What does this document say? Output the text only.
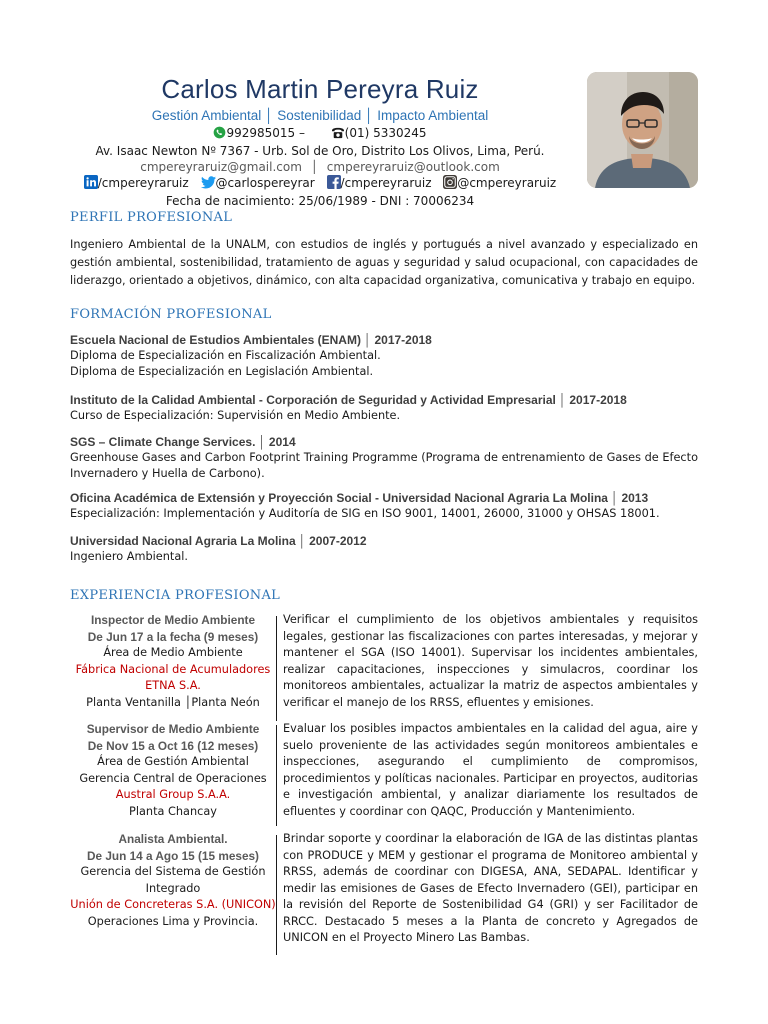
Carlos Martin Pereyra Ruiz
Gestión Ambiental │ Sostenibilidad │ Impacto Ambiental
992985015 –	(01) 5330245
Av. Isaac Newton Nº 7367 - Urb. Sol de Oro, Distrito Los Olivos, Lima, Perú.
cmpereyraruiz@gmail.com │ cmpereyraruiz@outlook.com
/cmpereyraruiz @carlospereyrar /cmpereyraruiz @cmpereyraruiz
Fecha de nacimiento: 25/06/1989 - DNI : 70006234
PERFIL PROFESIONAL
Ingeniero Ambiental de la UNALM, con estudios de inglés y portugués a nivel avanzado y especializado en gestión ambiental, sostenibilidad, tratamiento de aguas y seguridad y salud ocupacional, con capacidades de liderazgo, orientado a objetivos, dinámico, con alta capacidad organizativa, comunicativa y trabajo en equipo.
FORMACIÓN PROFESIONAL
Escuela Nacional de Estudios Ambientales (ENAM) │ 2017-2018
Diploma de Especialización en Fiscalización Ambiental.
Diploma de Especialización en Legislación Ambiental.
Instituto de la Calidad Ambiental - Corporación de Seguridad y Actividad Empresarial │ 2017-2018
Curso de Especialización: Supervisión en Medio Ambiente.
SGS – Climate Change Services. │ 2014
Greenhouse Gases and Carbon Footprint Training Programme (Programa de entrenamiento de Gases de Efecto Invernadero y Huella de Carbono).
Oficina Académica de Extensión y Proyección Social - Universidad Nacional Agraria La Molina │ 2013
Especialización: Implementación y Auditoría de SIG en ISO 9001, 14001, 26000, 31000 y OHSAS 18001.
Universidad Nacional Agraria La Molina │ 2007-2012
Ingeniero Ambiental.
EXPERIENCIA PROFESIONAL
Inspector de Medio Ambiente
De Jun 17 a la fecha (9 meses)
Área de Medio Ambiente
Fábrica Nacional de Acumuladores ETNA S.A.
Planta Ventanilla │Planta Neón
Verificar el cumplimiento de los objetivos ambientales y requisitos legales, gestionar las fiscalizaciones con partes interesadas, y mejorar y mantener el SGA (ISO 14001). Supervisar los incidentes ambientales, realizar capacitaciones, inspecciones y simulacros, coordinar los monitoreos ambientales, actualizar la matriz de aspectos ambientales y verificar el manejo de los RRSS, efluentes y emisiones.
Supervisor de Medio Ambiente
De Nov 15 a Oct 16 (12 meses)
Área de Gestión Ambiental
Gerencia Central de Operaciones
Austral Group S.A.A.
Planta Chancay
Evaluar los posibles impactos ambientales en la calidad del agua, aire y suelo proveniente de las actividades según monitoreos ambientales e inspecciones, asegurando el cumplimiento de compromisos, procedimientos y políticas nacionales. Participar en proyectos, auditorias e investigación ambiental, y analizar diariamente los resultados de efluentes y coordinar con QAQC, Producción y Mantenimiento.
Analista Ambiental.
De Jun 14 a Ago 15 (15 meses)
Gerencia del Sistema de Gestión Integrado
Unión de Concreteras S.A. (UNICON)
Operaciones Lima y Provincia.
Brindar soporte y coordinar la elaboración de IGA de las distintas plantas con PRODUCE y MEM y gestionar el programa de Monitoreo ambiental y RRSS, además de coordinar con DIGESA, ANA, SEDAPAL. Identificar y medir las emisiones de Gases de Efecto Invernadero (GEI), participar en la revisión del Reporte de Sostenibilidad G4 (GRI) y ser Facilitador de RRCC. Destacado 5 meses a la Planta de concreto y Agregados de UNICON en el Proyecto Minero Las Bambas.
